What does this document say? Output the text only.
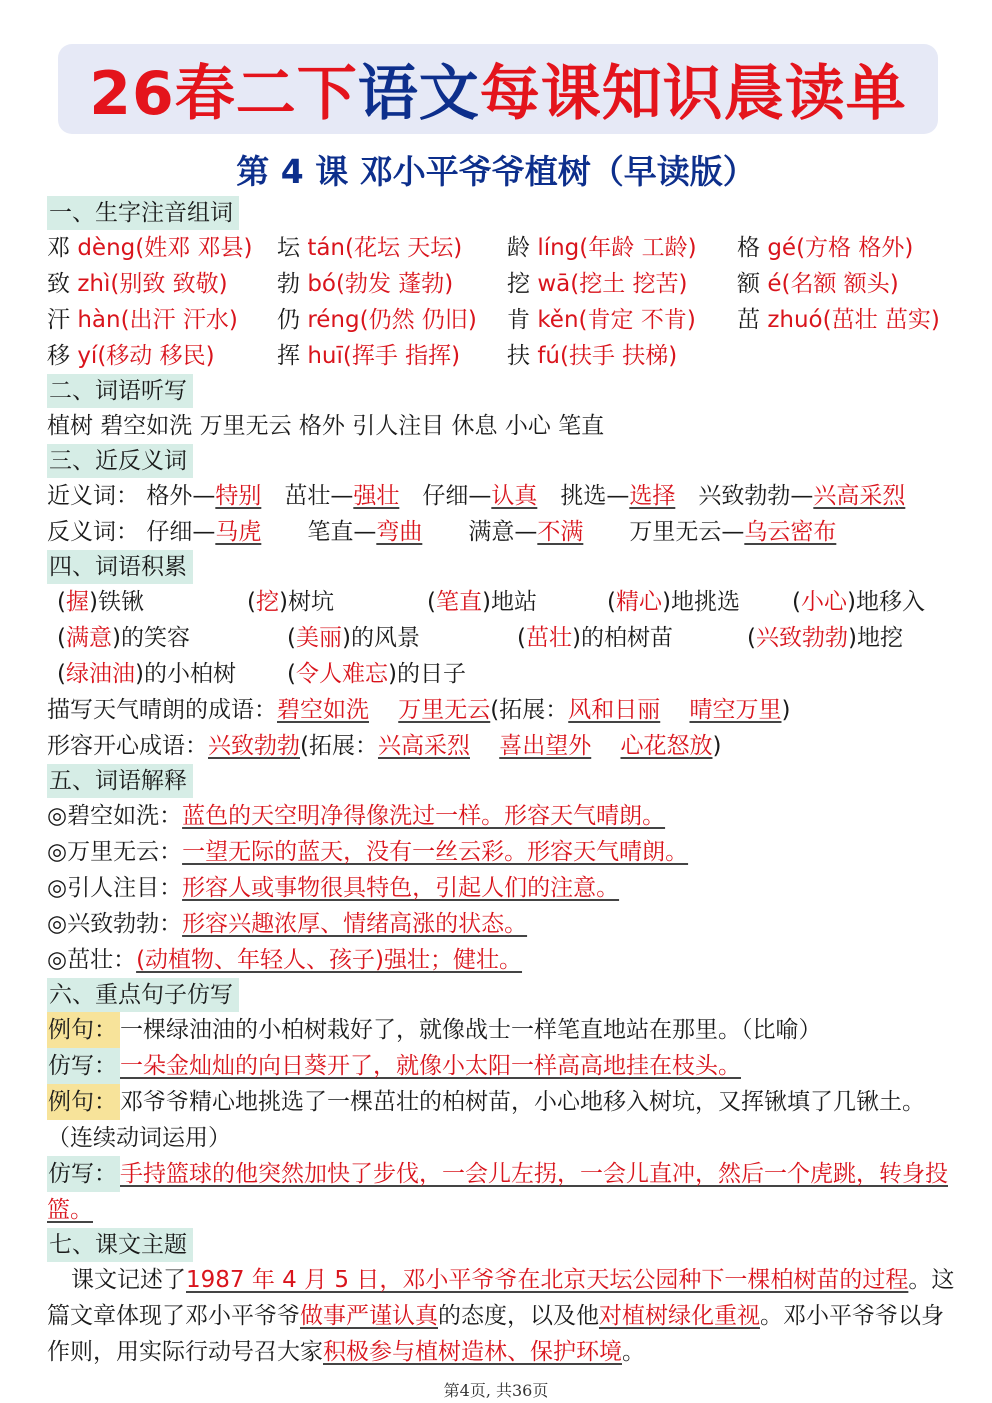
26春二下 语文 每课知识晨读单
第 4 课 邓小平爷爷植树（早读版）
一、生字注音组词
邓 dèng(姓邓 邓县)	坛 tán(花坛 天坛)	龄 líng(年龄 工龄)	格 gé(方格 格外)
致 zhì(别致 致敬)	勃 bó(勃发 蓬勃)	挖 wā(挖土 挖苦)	额 é(名额 额头)
汗 hàn(出汗 汗水)	仍 réng(仍然 仍旧)	肯 kěn(肯定 不肯)	茁 zhuó(茁壮 茁实)
移 yí(移动 移民)	挥 huī(挥手 指挥)	扶 fú(扶手 扶梯)
二、词语听写
植树 碧空如洗 万里无云 格外 引人注目 休息 小心 笔直
三、近反义词
近义词： 格外—特别  茁壮—强壮  仔细—认真  挑选—选择  兴致勃勃—兴高采烈
反义词： 仔细—马虎   笔直—弯曲   满意—不满   万里无云—乌云密布
四、词语积累
(握)铁锹	(挖)树坑	(笔直)地站	(精心)地挑选	(小心)地移入
(满意)的笑容	(美丽)的风景	(茁壮)的柏树苗	(兴致勃勃)地挖
(绿油油)的小柏树	(令人难忘)的日子
描写天气晴朗的成语：碧空如洗 万里无云(拓展：风和日丽 晴空万里)
形容开心成语：兴致勃勃(拓展：兴高采烈 喜出望外 心花怒放)
五、词语解释
◎碧空如洗：蓝色的天空明净得像洗过一样。形容天气晴朗。
◎万里无云：一望无际的蓝天，没有一丝云彩。形容天气晴朗。
◎引人注目：形容人或事物很具特色，引起人们的注意。
◎兴致勃勃：形容兴趣浓厚、情绪高涨的状态。
◎茁壮：(动植物、年轻人、孩子)强壮；健壮。
六、重点句子仿写
例句： 一棵绿油油的小柏树栽好了，就像战士一样笔直地站在那里。（比喻）
仿写： 一朵金灿灿的向日葵开了，就像小太阳一样高高地挂在枝头。
例句： 邓爷爷精心地挑选了一棵茁壮的柏树苗，小心地移入树坑，又挥锹填了几锹土。（连续动词运用）
仿写： 手持篮球的他突然加快了步伐，一会儿左拐，一会儿直冲，然后一个虎跳，转身投篮。
七、课文主题
课文记述了1987 年 4 月 5 日，邓小平爷爷在北京天坛公园种下一棵柏树苗的过程。这篇文章体现了邓小平爷爷做事严谨认真的态度，以及他对植树绿化重视。邓小平爷爷以身作则，用实际行动号召大家积极参与植树造林、保护环境。
第4页, 共36页
